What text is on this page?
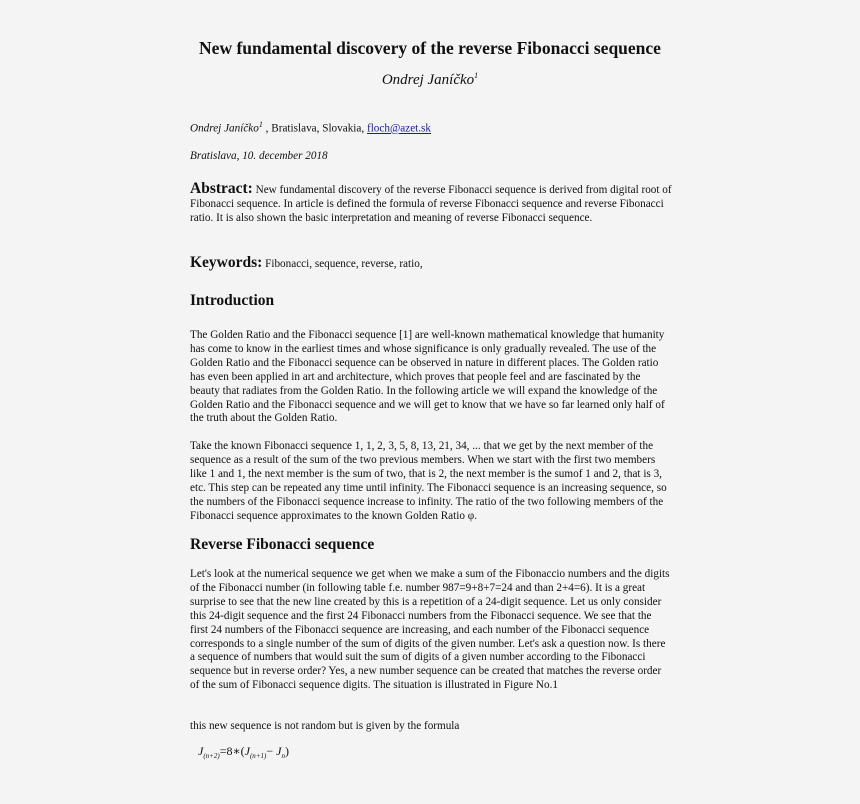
New fundamental discovery of the reverse Fibonacci sequence
Ondrej Janíčko$^1$
Ondrej Janíčko$^1$ , Bratislava, Slovakia, floch@azet.sk
Bratislava, 10. december 2018
Abstract: New fundamental discovery of the reverse Fibonacci sequence is derived from digital root of Fibonacci sequence. In article is defined the formula of reverse Fibonacci sequence and reverse Fibonacci ratio. It is also shown the basic interpretation and meaning of reverse Fibonacci sequence.
Keywords: Fibonacci, sequence, reverse, ratio,
Introduction
The Golden Ratio and the Fibonacci sequence [1] are well-known mathematical knowledge that humanity has come to know in the earliest times and whose significance is only gradually revealed. The use of the Golden Ratio and the Fibonacci sequence can be observed in nature in different places. The Golden ratio has even been applied in art and architecture, which proves that people feel and are fascinated by the beauty that radiates from the Golden Ratio. In the following article we will expand the knowledge of the Golden Ratio and the Fibonacci sequence and we will get to know that we have so far learned only half of the truth about the Golden Ratio.
Take the known Fibonacci sequence 1, 1, 2, 3, 5, 8, 13, 21, 34, ... that we get by the next member of the sequence as a result of the sum of the two previous members. When we start with the first two members like 1 and 1, the next member is the sum of two, that is 2, the next member is the sumof 1 and 2, that is 3, etc. This step can be repeated any time until infinity. The Fibonacci sequence is an increasing sequence, so the numbers of the Fibonacci sequence increase to infinity. The ratio of the two following members of the Fibonacci sequence approximates to the known Golden Ratio φ.
Reverse Fibonacci sequence
Let's look at the numerical sequence we get when we make a sum of the Fibonaccio numbers and the digits of the Fibonacci number (in following table f.e. number 987=9+8+7=24 and than 2+4=6). It is a great surprise to see that the new line created by this is a repetition of a 24-digit sequence. Let us only consider this 24-digit sequence and the first 24 Fibonacci numbers from the Fibonacci sequence. We see that the first 24 numbers of the Fibonacci sequence are increasing, and each number of the Fibonacci sequence corresponds to a single number of the sum of digits of the given number. Let's ask a question now. Is there a sequence of numbers that would suit the sum of digits of a given number according to the Fibonacci sequence but in reverse order? Yes, a new number sequence can be created that matches the reverse order of the sum of Fibonacci sequence digits. The situation is illustrated in Figure No.1
this new sequence is not random but is given by the formula
$J_{(n+2)}=8∗(J_{(n+1)}- J_n)$
